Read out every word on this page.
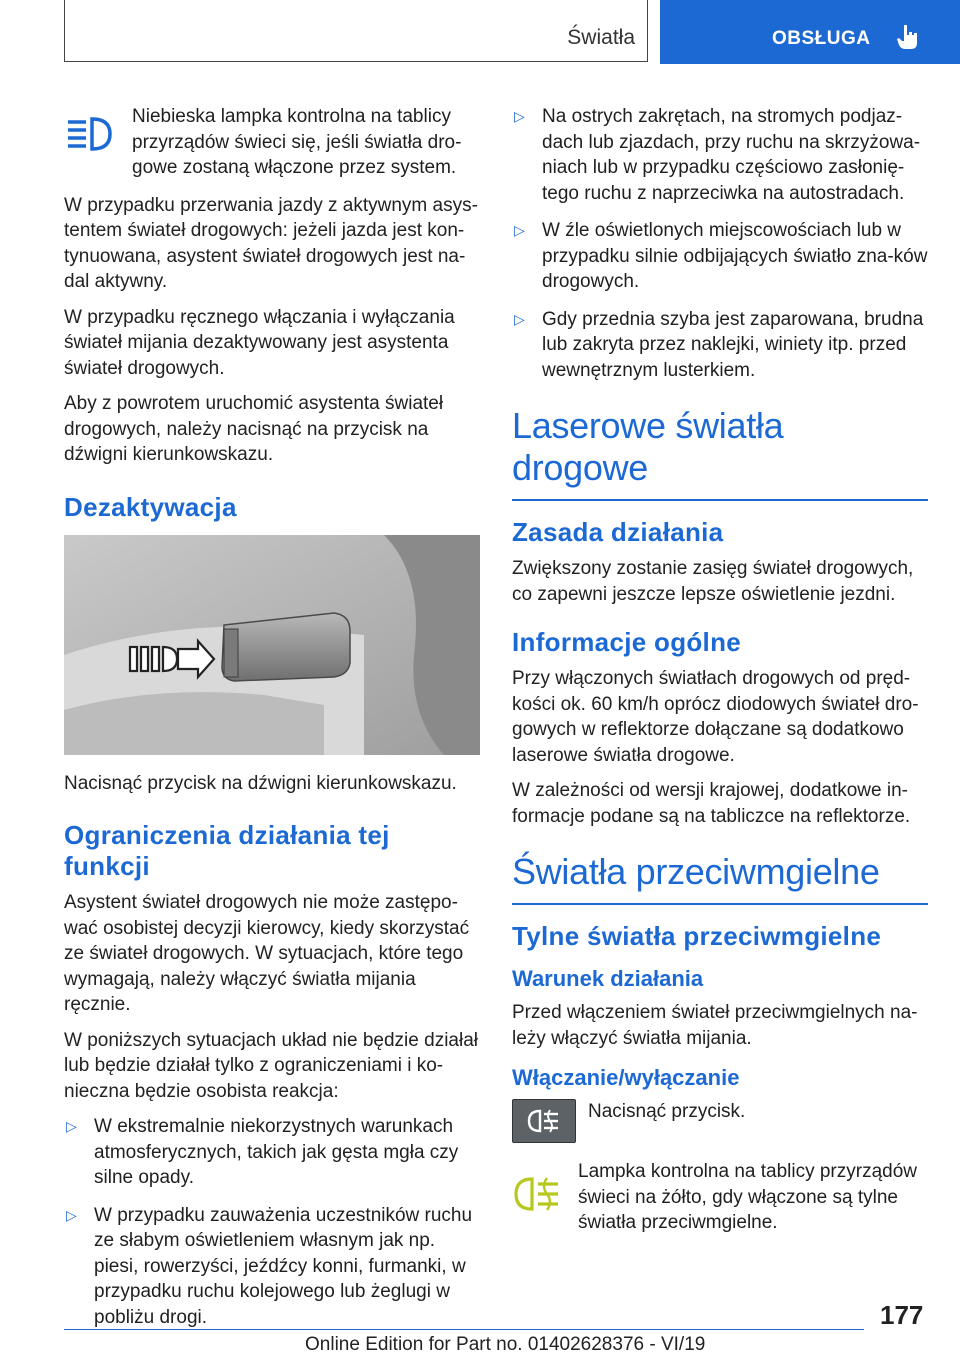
Światła	OBSŁUGA

Niebieska lampka kontrolna na tablicy przyrządów świeci się, jeśli światła dro-gowe zostaną włączone przez system.

W przypadku przerwania jazdy z aktywnym asys-tentem świateł drogowych: jeżeli jazda jest kon-tynuowana, asystent świateł drogowych jest na-dal aktywny.

W przypadku ręcznego włączania i wyłączania świateł mijania dezaktywowany jest asystenta świateł drogowych.

Aby z powrotem uruchomić asystenta świateł drogowych, należy nacisnąć na przycisk na dźwigni kierunkowskazu.

Dezaktywacja

Nacisnąć przycisk na dźwigni kierunkowskazu.

Ograniczenia działania tej funkcji

Asystent świateł drogowych nie może zastępo-wać osobistej decyzji kierowcy, kiedy skorzystać ze świateł drogowych. W sytuacjach, które tego wymagają, należy włączyć światła mijania ręcznie.

W poniższych sytuacjach układ nie będzie działał lub będzie działał tylko z ograniczeniami i ko-nieczna będzie osobista reakcja:

▷ W ekstremalnie niekorzystnych warunkach atmosferycznych, takich jak gęsta mgła czy silne opady.
▷ W przypadku zauważenia uczestników ruchu ze słabym oświetleniem własnym jak np. piesi, rowerzyści, jeźdźcy konni, furmanki, w przypadku ruchu kolejowego lub żeglugi w pobliżu drogi.
▷ Na ostrych zakrętach, na stromych podjaz-dach lub zjazdach, przy ruchu na skrzyżowa-niach lub w przypadku częściowo zasłonię-tego ruchu z naprzeciwka na autostradach.
▷ W źle oświetlonych miejscowościach lub w przypadku silnie odbijających światło zna-ków drogowych.
▷ Gdy przednia szyba jest zaparowana, brudna lub zakryta przez naklejki, winiety itp. przed wewnętrznym lusterkiem.
Laserowe światła drogowe
Zasada działania

Zwiększony zostanie zasięg świateł drogowych, co zapewni jeszcze lepsze oświetlenie jezdni.

Informacje ogólne

Przy włączonych światłach drogowych od pręd-kości ok. 60 km/h oprócz diodowych świateł dro-gowych w reflektorze dołączane są dodatkowo laserowe światła drogowe.

W zależności od wersji krajowej, dodatkowe in-formacje podane są na tabliczce na reflektorze.

Światła przeciwmgielne
Tylne światła przeciwmgielne
Warunek działania

Przed włączeniem świateł przeciwmgielnych na-leży włączyć światła mijania.

Włączanie/wyłączanie

Nacisnąć przycisk.

Lampka kontrolna na tablicy przyrządów świeci na żółto, gdy włączone są tylne światła przeciwmgielne.

177
Online Edition for Part no. 01402628376 - VI/19
